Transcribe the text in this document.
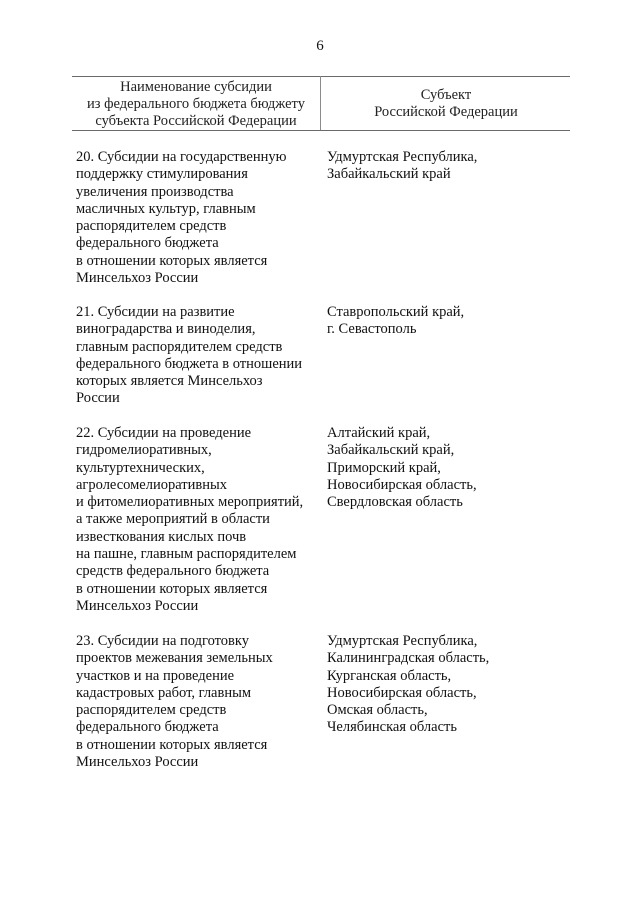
6
Наименование субсидии
из федерального бюджета бюджету
субъекта Российской Федерации
Субъект
Российской Федерации
20. Субсидии на государственную
поддержку стимулирования
увеличения производства
масличных культур, главным
распорядителем средств
федерального бюджета
в отношении которых является
Минсельхоз России
Удмуртская Республика,
Забайкальский край
21. Субсидии на развитие
виноградарства и виноделия,
главным распорядителем средств
федерального бюджета в отношении
которых является Минсельхоз
России
Ставропольский край,
г. Севастополь
22. Субсидии на проведение
гидромелиоративных,
культуртехнических,
агролесомелиоративных
и фитомелиоративных мероприятий,
а также мероприятий в области
известкования кислых почв
на пашне, главным распорядителем
средств федерального бюджета
в отношении которых является
Минсельхоз России
Алтайский край,
Забайкальский край,
Приморский край,
Новосибирская область,
Свердловская область
23. Субсидии на подготовку
проектов межевания земельных
участков и на проведение
кадастровых работ, главным
распорядителем средств
федерального бюджета
в отношении которых является
Минсельхоз России
Удмуртская Республика,
Калининградская область,
Курганская область,
Новосибирская область,
Омская область,
Челябинская область
